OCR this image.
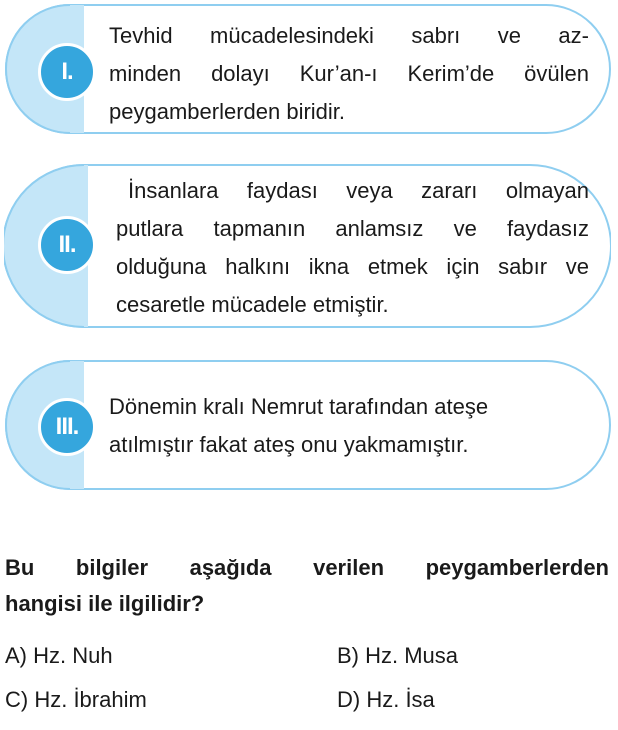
I.
Tevhid mücadelesindeki sabrı ve az-
minden dolayı Kur’an-ı Kerim’de övülen
peygamberlerden biridir.
II.
İnsanlara faydası veya zararı olmayan
putlara tapmanın anlamsız ve faydasız
olduğuna halkını ikna etmek için sabır ve
cesaretle mücadele etmiştir.
III.
Dönemin kralı Nemrut tarafından ateşe
atılmıştır fakat ateş onu yakmamıştır.
Bu bilgiler aşağıda verilen peygamberlerden
hangisi ile ilgilidir?
A) Hz. Nuh	B) Hz. Musa
C) Hz. İbrahim	D) Hz. İsa
